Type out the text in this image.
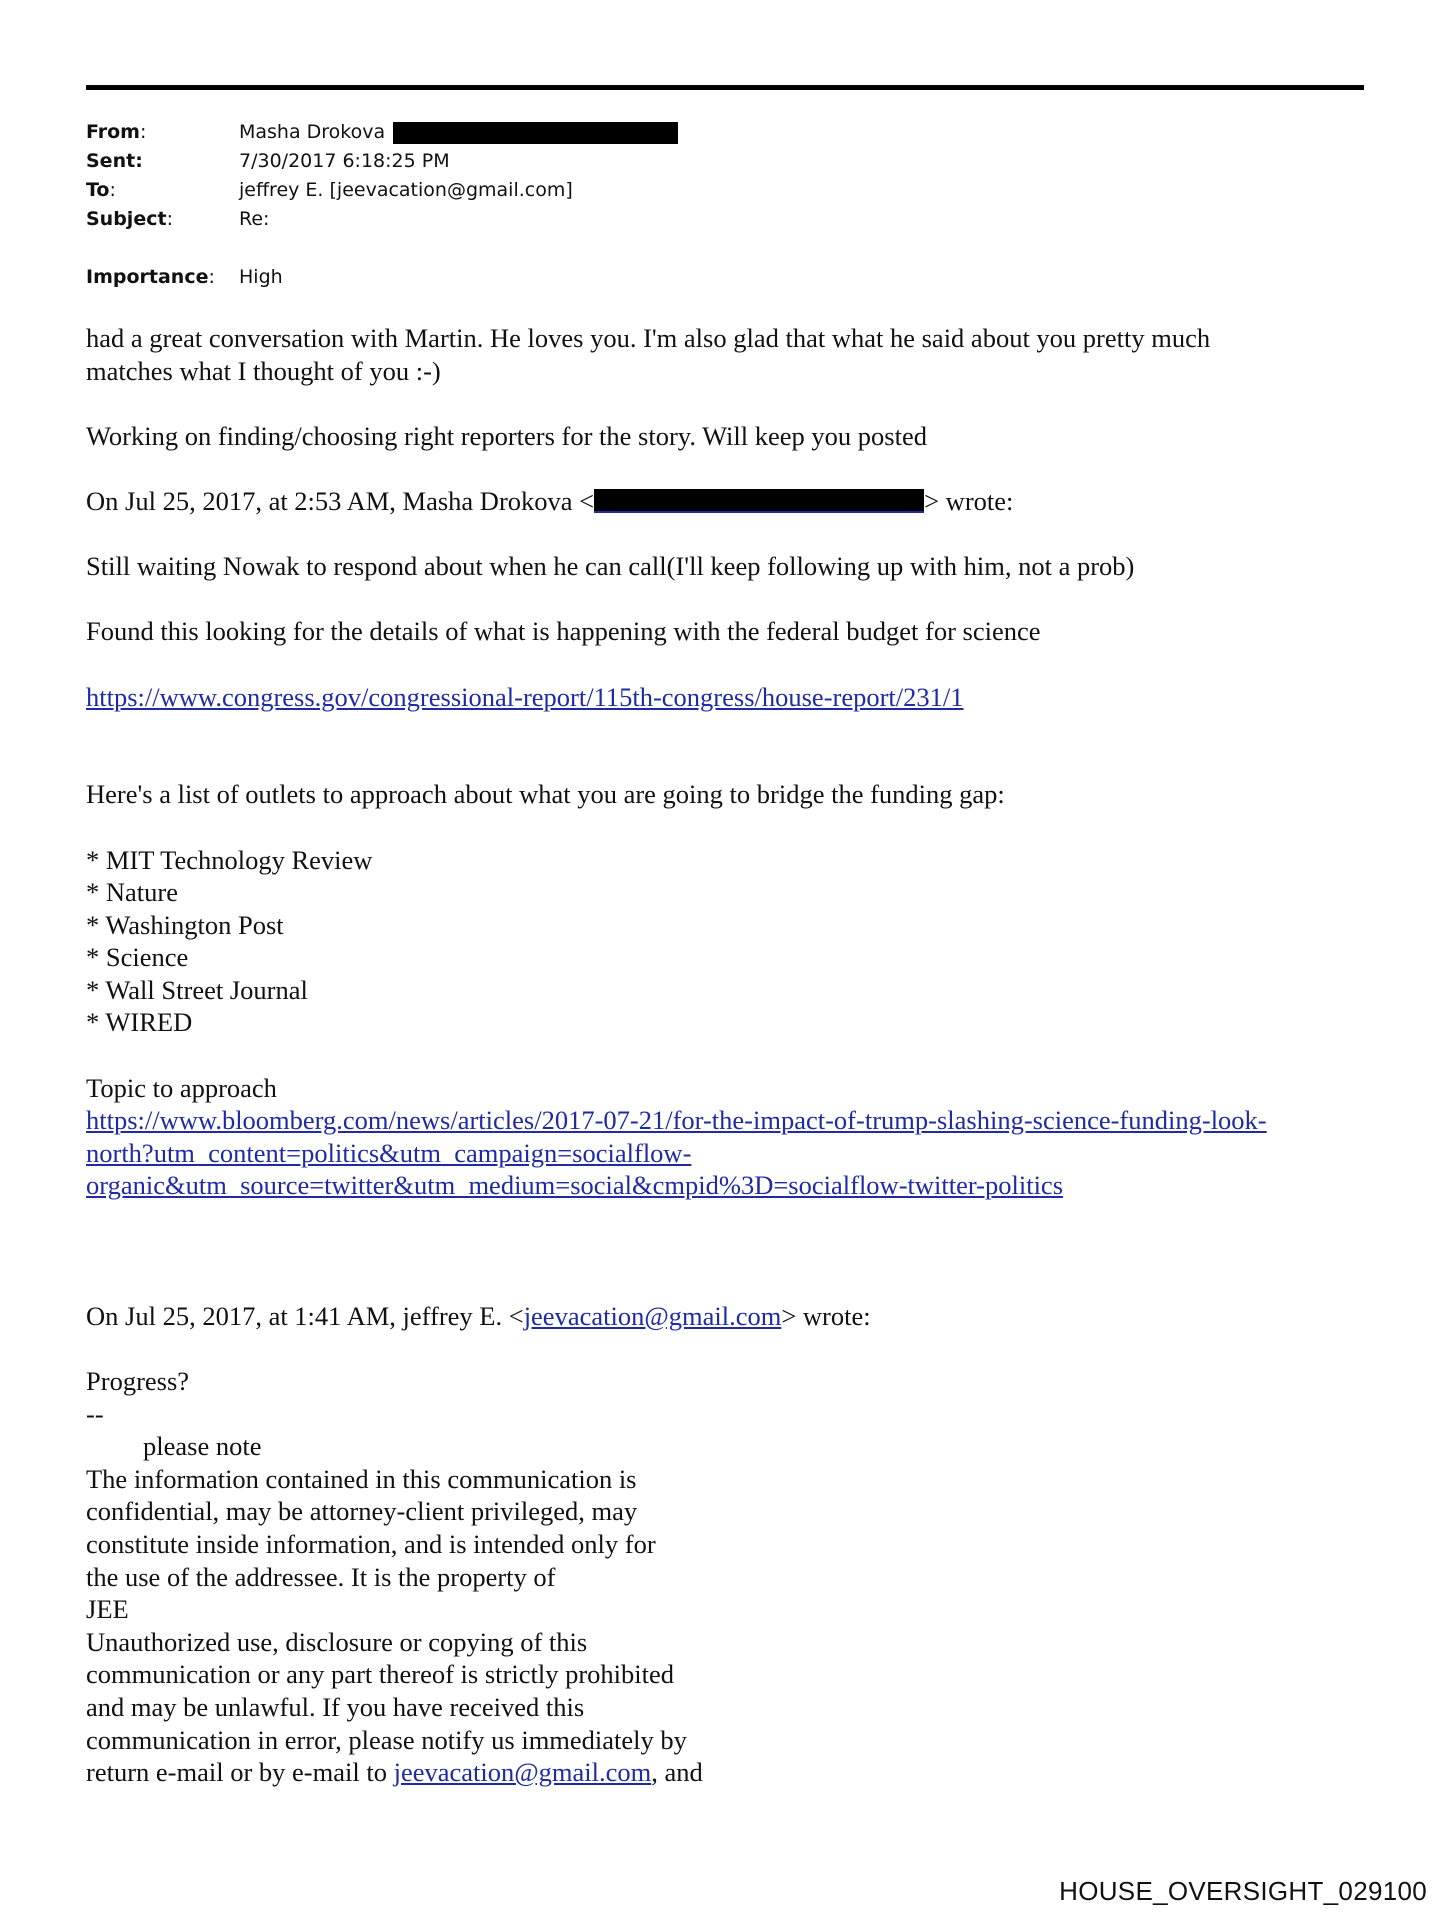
From:	Masha Drokova
Sent:	7/30/2017 6:18:25 PM
To:	jeffrey E. [jeevacation@gmail.com]
Subject:	Re:
Importance:	High

had a great conversation with Martin. He loves you. I'm also glad that what he said about you pretty much

matches what I thought of you :-)

Working on finding/choosing right reporters for the story. Will keep you posted

On Jul 25, 2017, at 2:53 AM, Masha Drokova <	> wrote:

Still waiting Nowak to respond about when he can call(I'll keep following up with him, not a prob)

Found this looking for the details of what is happening with the federal budget for science

https://www.congress.gov/congressional-report/115th-congress/house-report/231/1

Here's a list of outlets to approach about what you are going to bridge the funding gap:

* MIT Technology Review

* Nature

* Washington Post

* Science

* Wall Street Journal

* WIRED

Topic to approach

https://www.bloomberg.com/news/articles/2017-07-21/for-the-impact-of-trump-slashing-science-funding-look-

north?utm_content=politics&utm_campaign=socialflow-

organic&utm_source=twitter&utm_medium=social&cmpid%3D=socialflow-twitter-politics

On Jul 25, 2017, at 1:41 AM, jeffrey E. <jeevacation@gmail.com> wrote:

Progress?

--

please note

The information contained in this communication is

confidential, may be attorney-client privileged, may

constitute inside information, and is intended only for

the use of the addressee. It is the property of

JEE

Unauthorized use, disclosure or copying of this

communication or any part thereof is strictly prohibited

and may be unlawful. If you have received this

communication in error, please notify us immediately by

return e-mail or by e-mail to jeevacation@gmail.com, and

HOUSE_OVERSIGHT_029100
